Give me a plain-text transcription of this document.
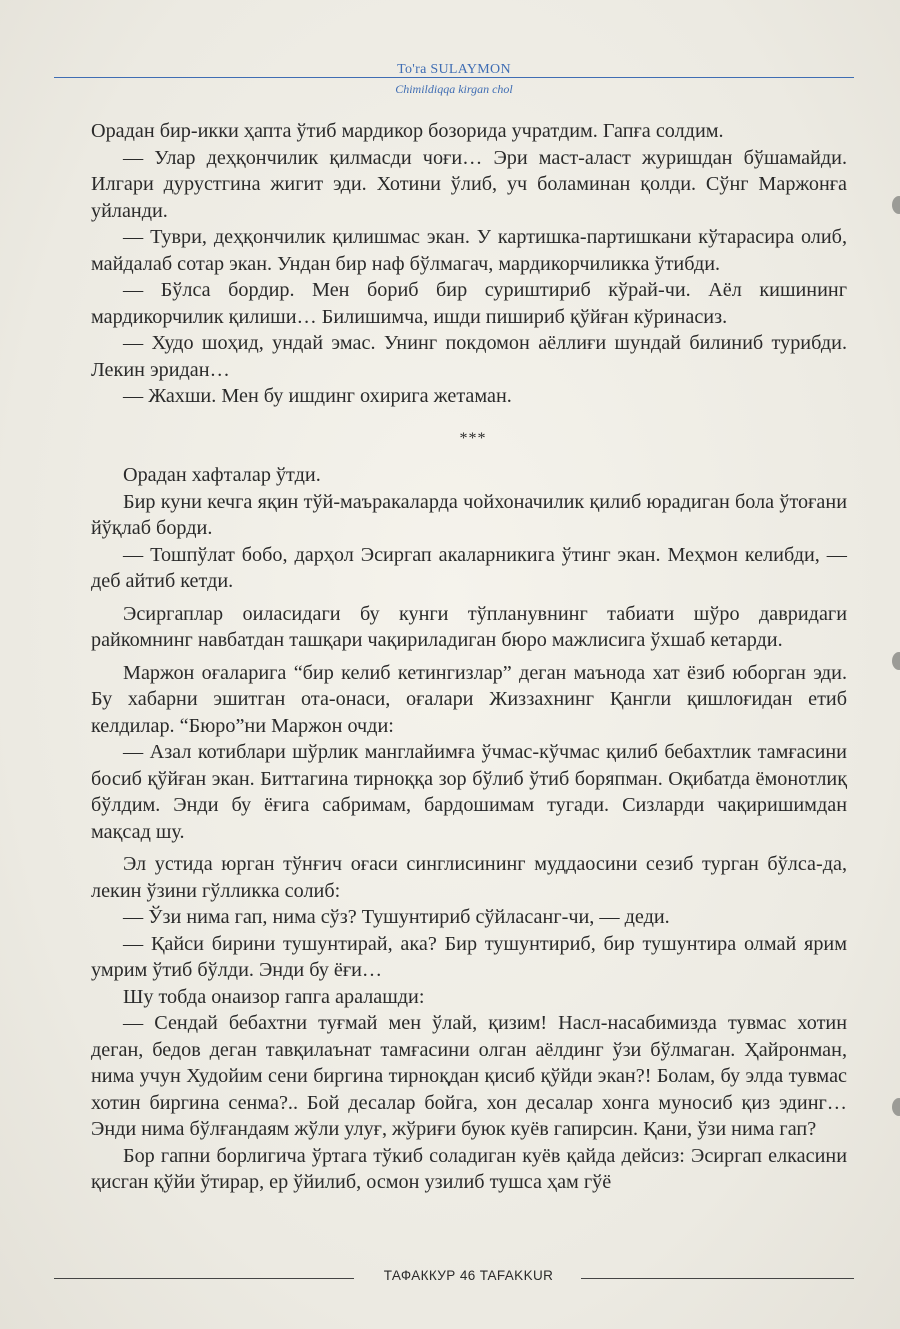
To'ra SULAYMON
Chimildiqqa kirgan chol

Орадан бир-икки ҳапта ўтиб мардикор бозорида учратдим. Гапға солдим.

— Улар деҳқончилик қилмасди чоғи… Эри маст-аласт журишдан бўшамайди. Илгари дурустгина жигит эди. Хотини ўлиб, уч боламинан қолди. Сўнг Маржонға уйланди.

— Туври, деҳқончилик қилишмас экан. У картишка-партишкани кўтарасира олиб, майдалаб сотар экан. Ундан бир наф бўлмагач, мардикорчиликка ўтибди.

— Бўлса бордир. Мен бориб бир суриштириб кўрай-чи. Аёл кишининг мардикорчилик қилиши… Билишимча, ишди пишириб қўйған кўринасиз.

— Худо шоҳид, ундай эмас. Унинг покдомон аёллиғи шундай билиниб турибди. Лекин эридан…

— Жахши. Мен бу ишдинг охирига жетаман.

***

Орадан хафталар ўтди.

Бир куни кечга яқин тўй-маъракаларда чойхоначилик қилиб юрадиган бола ўтоғани йўқлаб борди.

— Тошпўлат бобо, дарҳол Эсиргап акаларникига ўтинг экан. Меҳмон келибди, — деб айтиб кетди.

Эсиргаплар оиласидаги бу кунги тўпланувнинг табиати шўро давридаги райкомнинг навбатдан ташқари чақириладиган бюро мажлисига ўхшаб кетарди.

Маржон оғаларига “бир келиб кетингизлар” деган маънода хат ёзиб юборган эди. Бу хабарни эшитган ота-онаси, оғалари Жиззахнинг Қангли қишлоғидан етиб келдилар. “Бюро”ни Маржон очди:

— Азал котиблари шўрлик манглайимға ўчмас-кўчмас қилиб бебахтлик тамғасини босиб қўйған экан. Биттагина тирноққа зор бўлиб ўтиб боряпман. Оқибатда ёмонотлиқ бўлдим. Энди бу ёғига сабримам, бардошимам тугади. Сизларди чақиришимдан мақсад шу.

Эл устида юрган тўнғич оғаси синглисининг муддаосини сезиб турган бўлса-да, лекин ўзини гўлликка солиб:

— Ўзи нима гап, нима сўз? Тушунтириб сўйласанг-чи, — деди.

— Қайси бирини тушунтирай, ака? Бир тушунтириб, бир тушунтира олмай ярим умрим ўтиб бўлди. Энди бу ёғи…

Шу тобда онаизор гапга аралашди:

— Сендай бебахтни туғмай мен ўлай, қизим! Насл-насабимизда тувмас хотин деган, бедов деган тавқилаънат тамғасини олган аёлдинг ўзи бўлмаган. Ҳайронман, нима учун Худойим сени биргина тирноқдан қисиб қўйди экан?! Болам, бу элда тувмас хотин биргина сенма?.. Бой десалар бойга, хон десалар хонга муносиб қиз эдинг… Энди нима бўлғандаям жўли улуғ, жўриғи буюк куёв гапирсин. Қани, ўзи нима гап?

Бор гапни борлигича ўртага тўкиб соладиган куёв қайда дейсиз: Эсиргап елкасини қисган қўйи ўтирар, ер ўйилиб, осмон узилиб тушса ҳам гўё

ТАФАККУР 46 TAFAKKUR
